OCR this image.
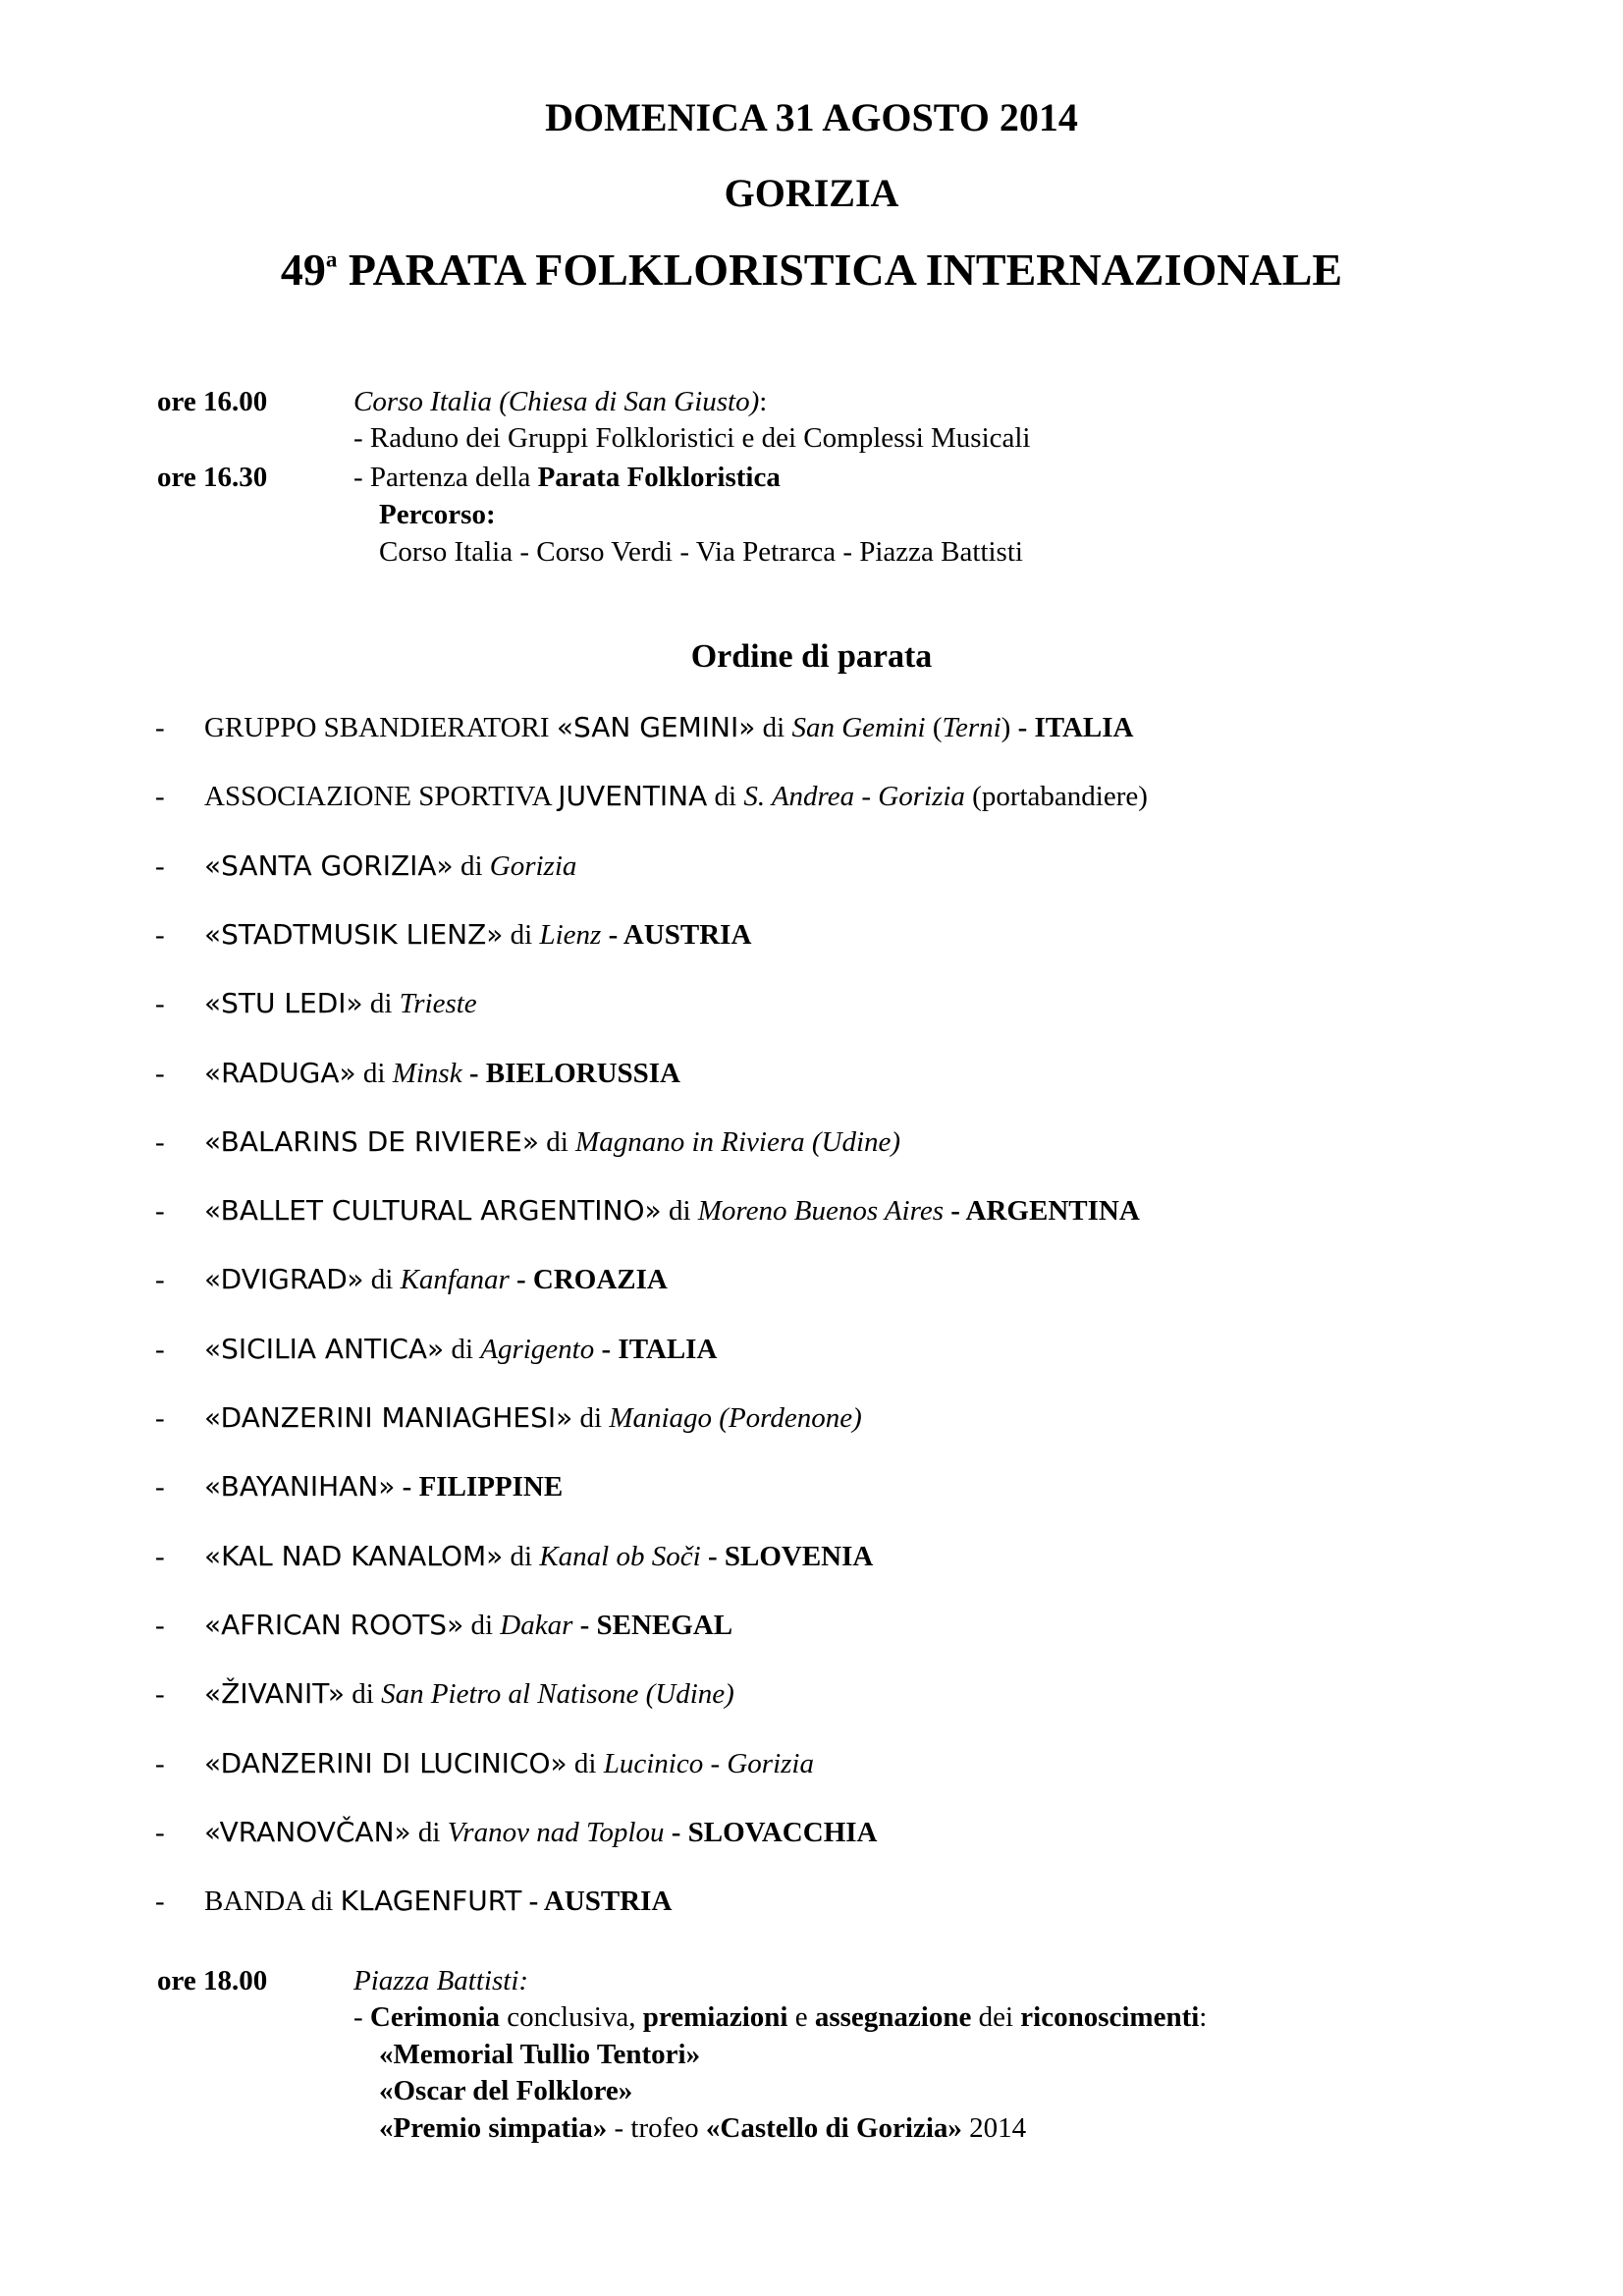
DOMENICA 31 AGOSTO 2014
GORIZIA
49$^a$ PARATA FOLKLORISTICA INTERNAZIONALE
ore 16.00	Corso Italia (Chiesa di San Giusto):
- Raduno dei Gruppi Folkloristici e dei Complessi Musicali
ore 16.30	- Partenza della Parata Folkloristica
Percorso:
Corso Italia - Corso Verdi - Via Petrarca - Piazza Battisti
Ordine di parata
- GRUPPO SBANDIERATORI «SAN GEMINI» di San Gemini (Terni) - ITALIA
- ASSOCIAZIONE SPORTIVA JUVENTINA di S. Andrea - Gorizia (portabandiere)
- «SANTA GORIZIA» di Gorizia
- «STADTMUSIK LIENZ» di Lienz - AUSTRIA
- «STU LEDI» di Trieste
- «RADUGA» di Minsk - BIELORUSSIA
- «BALARINS DE RIVIERE» di Magnano in Riviera (Udine)
- «BALLET CULTURAL ARGENTINO» di Moreno Buenos Aires - ARGENTINA
- «DVIGRAD» di Kanfanar - CROAZIA
- «SICILIA ANTICA» di Agrigento - ITALIA
- «DANZERINI MANIAGHESI» di Maniago (Pordenone)
- «BAYANIHAN» - FILIPPINE
- «KAL NAD KANALOM» di Kanal ob Soči - SLOVENIA
- «AFRICAN ROOTS» di Dakar - SENEGAL
- «ŽIVANIT» di San Pietro al Natisone (Udine)
- «DANZERINI DI LUCINICO» di Lucinico - Gorizia
- «VRANOVČAN» di Vranov nad Toplou - SLOVACCHIA
- BANDA di KLAGENFURT - AUSTRIA
ore 18.00	Piazza Battisti:
- Cerimonia conclusiva, premiazioni e assegnazione dei riconoscimenti:
«Memorial Tullio Tentori»
«Oscar del Folklore»
«Premio simpatia» - trofeo «Castello di Gorizia» 2014
